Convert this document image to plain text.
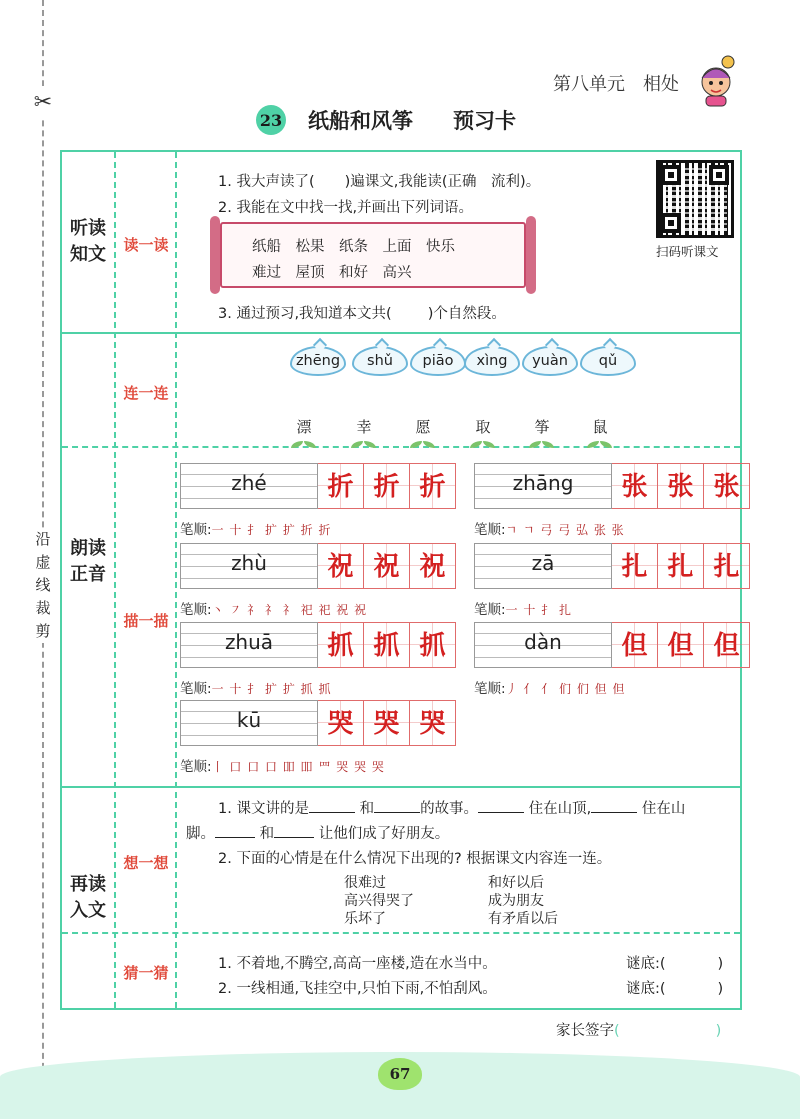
✂
沿
虚
线
裁
剪
第八单元 相处
23 纸船和风筝 预习卡
听读
知文
朗读
正音
再读
入文
读一读
连一连
描一描
想一想
猜一猜
1. 我大声读了( )遍课文,我能读(正确　流利)。
2. 我能在文中找一找,并画出下列词语。
纸船　松果　纸条　上面　快乐
难过　屋顶　和好　高兴
3. 通过预习,我知道本文共( )个自然段。
扫码听课文
zhēng	shǔ	piāo	xìng	yuàn	qǔ
漂	幸	愿	取	筝	鼠
zhé	折 折 折
笔顺:一 十 扌 扩 扩 折 折
zhāng	张 张 张
笔顺:ㄱ ㄱ 弓 弓 弘 张 张
zhù	祝 祝 祝
笔顺:丶 ㇇ 礻 礻 礻 祀 祀 祝 祝
zā	扎 扎 扎
笔顺:一 十 扌 扎
zhuā	抓 抓 抓
笔顺:一 十 扌 扩 扩 抓 抓
dàn	但 但 但
笔顺:丿 亻 亻 们 们 但 但
kū	哭 哭 哭
笔顺:丨 口 口 口 吅 吅 罒 哭 哭 哭
1. 课文讲的是	和	的故事。	住在山顶,	住在山
脚。	和	让他们成了好朋友。
2. 下面的心情是在什么情况下出现的? 根据课文内容连一连。
很难过
高兴得哭了
乐坏了
和好以后
成为朋友
有矛盾以后
1. 不着地,不腾空,高高一座楼,造在水当中。	谜底:(	)
2. 一线相通,飞挂空中,只怕下雨,不怕刮风。	谜底:(	)
家长签字(	)
67
